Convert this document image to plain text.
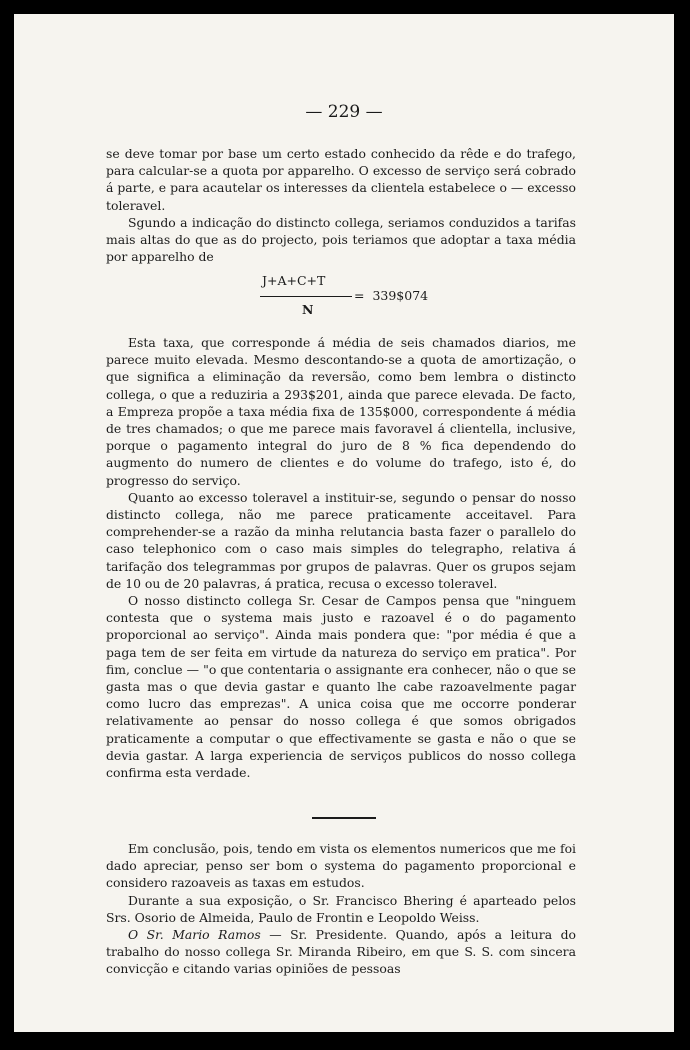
— 229 —

se deve tomar por base um certo estado conhecido da rêde e do trafego, para calcular-se a quota por apparelho. O excesso de serviço será cobrado á parte, e para acautelar os interesses da clientela estabelece o — excesso toleravel.

Sgundo a indicação do distincto collega, seriamos conduzidos a tarifas mais altas do que as do projecto, pois teriamos que adoptar a taxa média por apparelho de

J+A+C+T
= 339$074
N

Esta taxa, que corresponde á média de seis chamados diarios, me parece muito elevada. Mesmo descontando-se a quota de amortização, o que significa a eliminação da reversão, como bem lembra o distincto collega, o que a reduziria a 293$201, ainda que parece elevada. De facto, a Empreza propõe a taxa média fixa de 135$000, correspondente á média de tres chamados; o que me parece mais favoravel á clientella, inclusive, porque o pagamento integral do juro de 8 % fica dependendo do augmento do numero de clientes e do volume do trafego, isto é, do progresso do serviço.

Quanto ao excesso toleravel a instituir-se, segundo o pensar do nosso distincto collega, não me parece praticamente acceitavel. Para comprehender-se a razão da minha relutancia basta fazer o parallelo do caso telephonico com o caso mais simples do telegrapho, relativa á tarifação dos telegrammas por grupos de palavras. Quer os grupos sejam de 10 ou de 20 palavras, á pratica, recusa o excesso toleravel.

O nosso distincto collega Sr. Cesar de Campos pensa que "ninguem contesta que o systema mais justo e razoavel é o do pagamento proporcional ao serviço". Ainda mais pondera que: "por média é que a paga tem de ser feita em virtude da natureza do serviço em pratica". Por fim, conclue — "o que contentaria o assignante era conhecer, não o que se gasta mas o que devia gastar e quanto lhe cabe razoavelmente pagar como lucro das emprezas". A unica coisa que me occorre ponderar relativamente ao pensar do nosso collega é que somos obrigados praticamente a computar o que effectivamente se gasta e não o que se devia gastar. A larga experiencia de serviços publicos do nosso collega confirma esta verdade.

Em conclusão, pois, tendo em vista os elementos numericos que me foi dado apreciar, penso ser bom o systema do pagamento proporcional e considero razoaveis as taxas em estudos.

Durante a sua exposição, o Sr. Francisco Bhering é aparteado pelos Srs. Osorio de Almeida, Paulo de Frontin e Leopoldo Weiss.

O Sr. Mario Ramos — Sr. Presidente. Quando, após a leitura do trabalho do nosso collega Sr. Miranda Ribeiro, em que S. S. com sincera convicção e citando varias opiniões de pessoas
